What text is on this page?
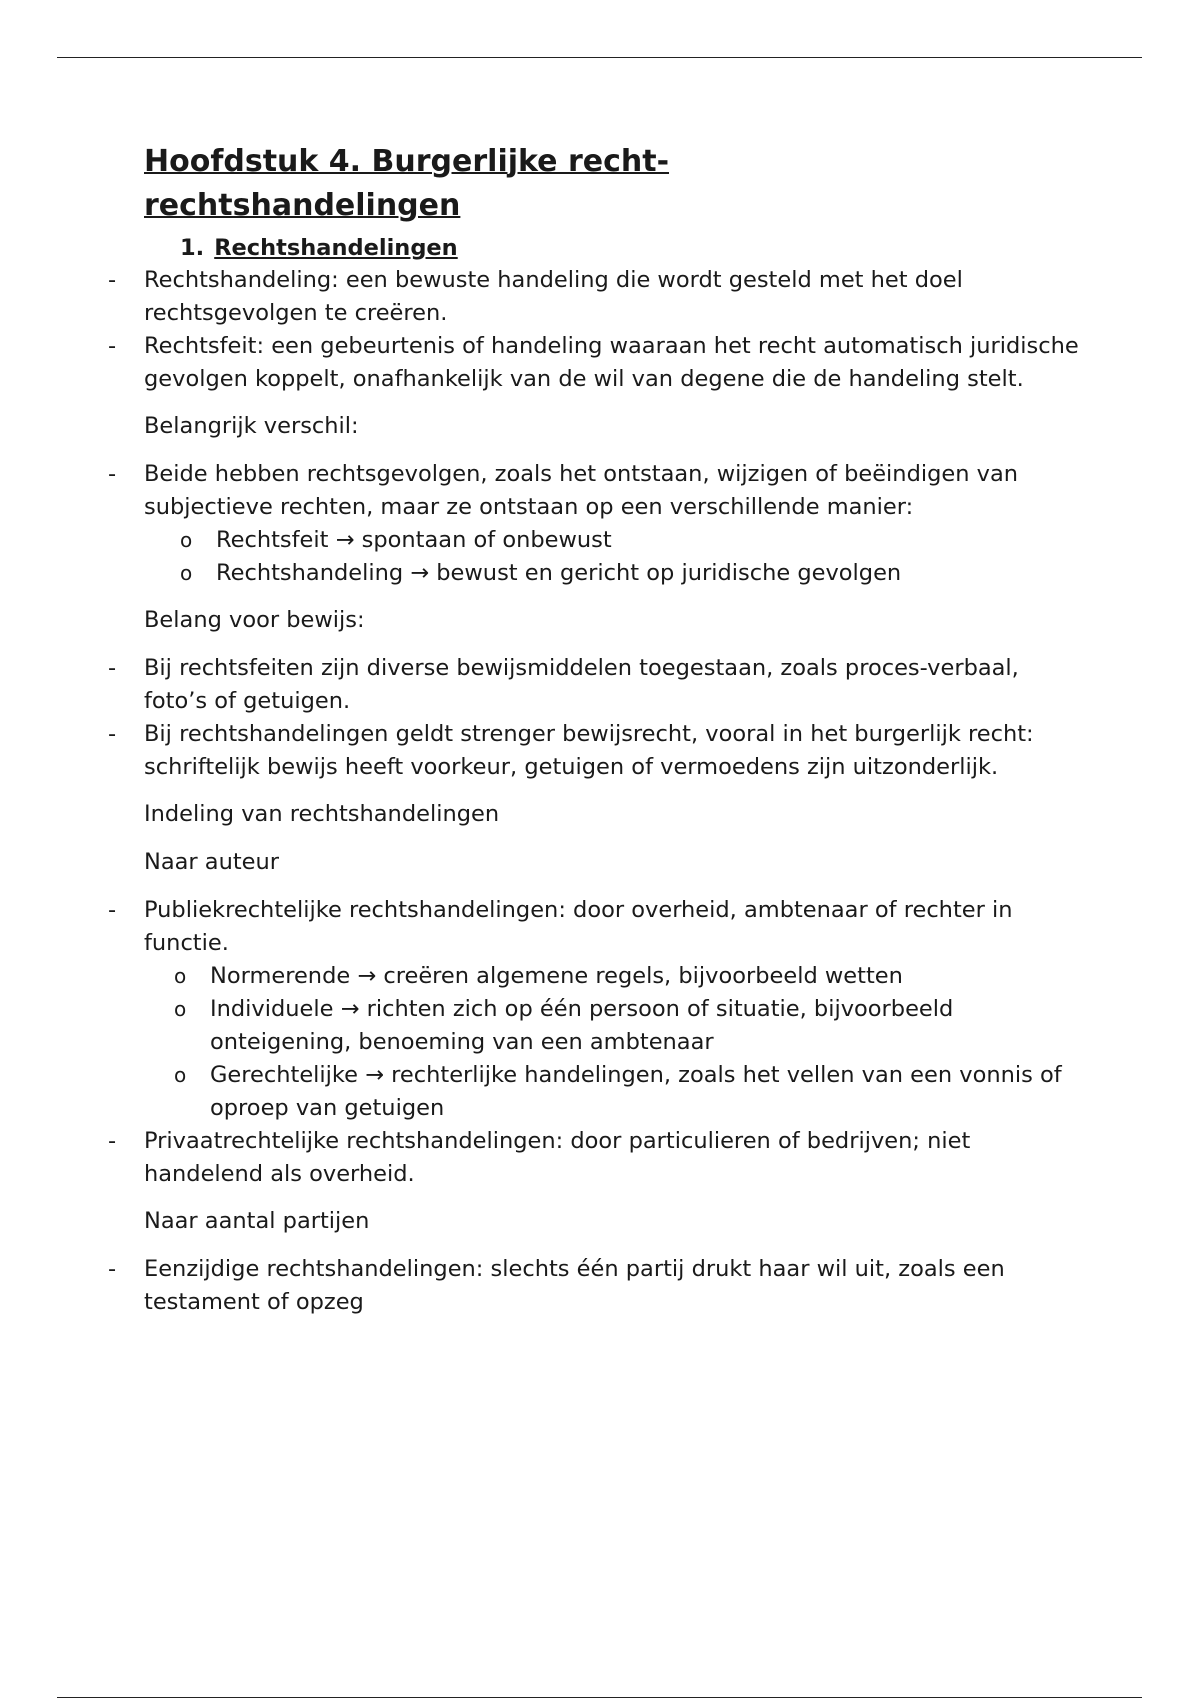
Hoofdstuk 4. Burgerlijke recht-
rechtshandelingen
1. Rechtshandelingen
- Rechtshandeling: een bewuste handeling die wordt gesteld met het doel rechtsgevolgen te creëren.
- Rechtsfeit: een gebeurtenis of handeling waaraan het recht automatisch juridische gevolgen koppelt, onafhankelijk van de wil van degene die de handeling stelt.

Belangrijk verschil:

- Beide hebben rechtsgevolgen, zoals het ontstaan, wijzigen of beëindigen van subjectieve rechten, maar ze ontstaan op een verschillende manier:
o Rechtsfeit → spontaan of onbewust
o Rechtshandeling → bewust en gericht op juridische gevolgen

Belang voor bewijs:

- Bij rechtsfeiten zijn diverse bewijsmiddelen toegestaan, zoals proces-verbaal, foto’s of getuigen.
- Bij rechtshandelingen geldt strenger bewijsrecht, vooral in het burgerlijk recht: schriftelijk bewijs heeft voorkeur, getuigen of vermoedens zijn uitzonderlijk.

Indeling van rechtshandelingen

Naar auteur

- Publiekrechtelijke rechtshandelingen: door overheid, ambtenaar of rechter in functie.
o Normerende → creëren algemene regels, bijvoorbeeld wetten
o Individuele → richten zich op één persoon of situatie, bijvoorbeeld onteigening, benoeming van een ambtenaar
o Gerechtelijke → rechterlijke handelingen, zoals het vellen van een vonnis of oproep van getuigen
- Privaatrechtelijke rechtshandelingen: door particulieren of bedrijven; niet handelend als overheid.

Naar aantal partijen

- Eenzijdige rechtshandelingen: slechts één partij drukt haar wil uit, zoals een testament of opzeg
